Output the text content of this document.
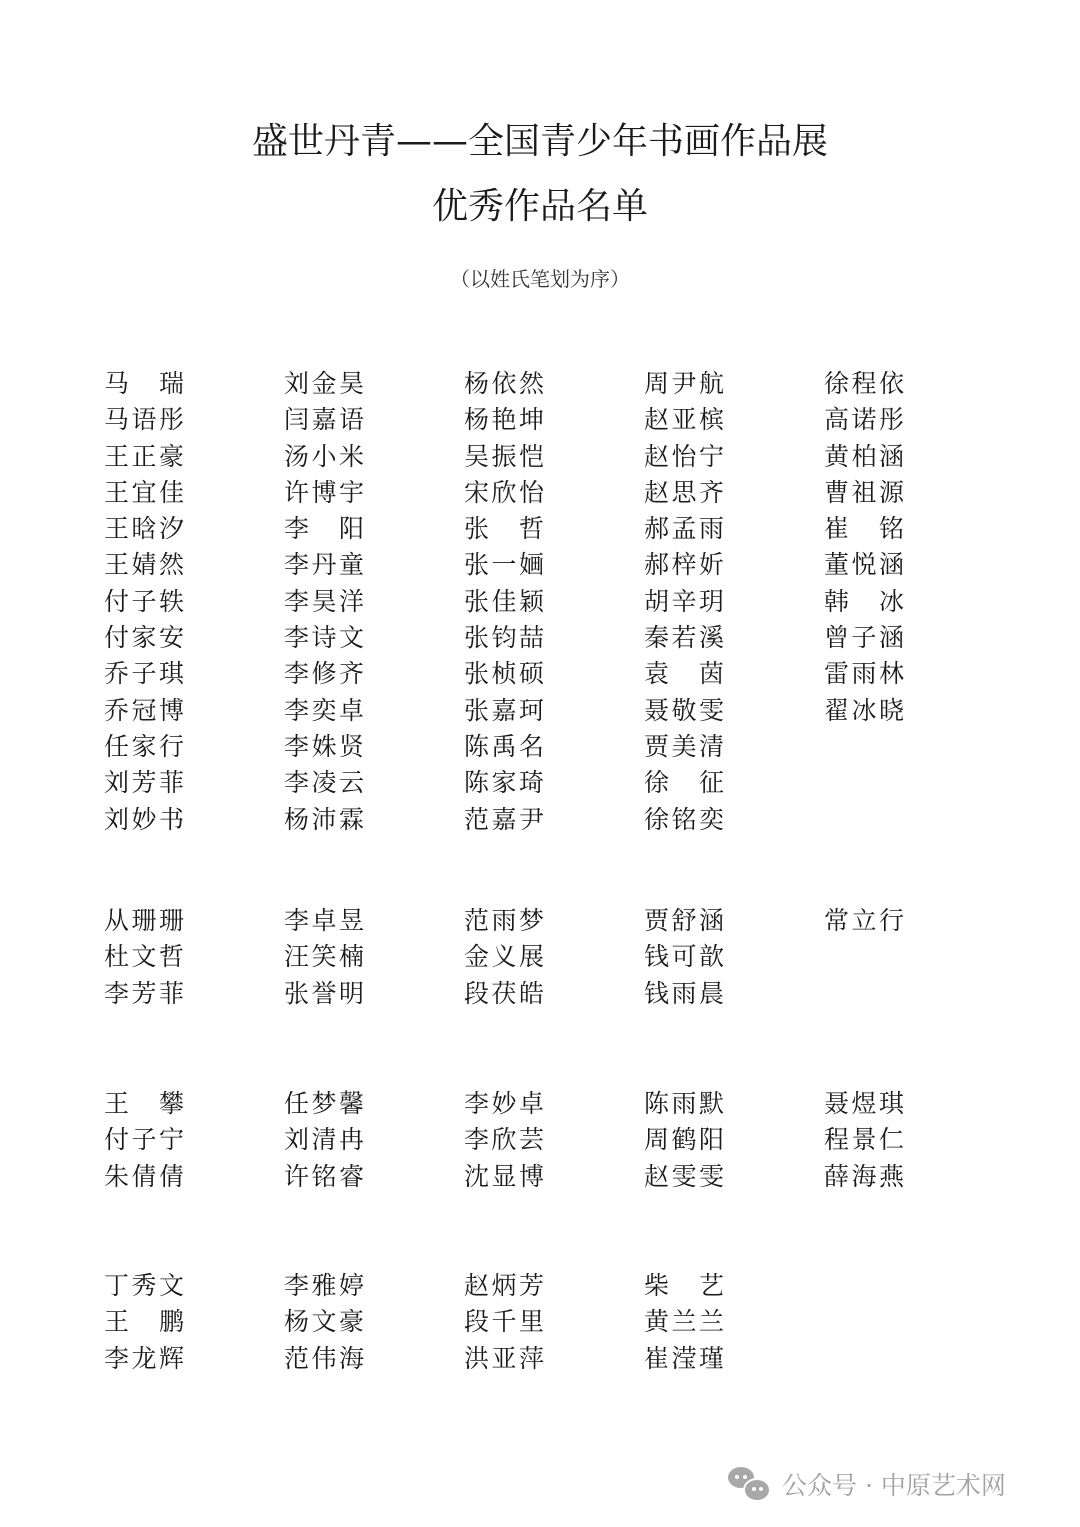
盛世丹青——全国青少年书画作品展
优秀作品名单
（以姓氏笔划为序）
马 瑞
马 语 彤
王 正 豪
王 宜 佳
王 晗 汐
王 婧 然
付 子 轶
付 家 安
乔 子 琪
乔 冠 博
任 家 行
刘 芳 菲
刘 妙 书
刘 金 昊
闫 嘉 语
汤 小 米
许 博 宇
李 阳
李 丹 童
李 昊 洋
李 诗 文
李 修 齐
李 奕 卓
李 姝 贤
李 凌 云
杨 沛 霖
杨 依 然
杨 艳 坤
吴 振 恺
宋 欣 怡
张 哲
张 一 婳
张 佳 颖
张 钧 喆
张 桢 硕
张 嘉 珂
陈 禹 名
陈 家 琦
范 嘉 尹
周 尹 航
赵 亚 槟
赵 怡 宁
赵 思 齐
郝 孟 雨
郝 梓 妡
胡 辛 玥
秦 若 溪
袁 茵
聂 敬 雯
贾 美 清
徐 征
徐 铭 奕
徐 程 依
高 诺 彤
黄 柏 涵
曹 祖 源
崔 铭
董 悦 涵
韩 冰
曾 子 涵
雷 雨 林
翟 冰 晓
从 珊 珊
杜 文 哲
李 芳 菲
李 卓 昱
汪 笑 楠
张 誉 明
范 雨 梦
金 义 展
段 茯 皓
贾 舒 涵
钱 可 歆
钱 雨 晨
常 立 行
王 攀
付 子 宁
朱 倩 倩
任 梦 馨
刘 清 冉
许 铭 睿
李 妙 卓
李 欣 芸
沈 显 博
陈 雨 默
周 鹤 阳
赵 雯 雯
聂 煜 琪
程 景 仁
薛 海 燕
丁 秀 文
王 鹏
李 龙 辉
李 雅 婷
杨 文 豪
范 伟 海
赵 炳 芳
段 千 里
洪 亚 萍
柴 艺
黄 兰 兰
崔 滢 瑾
公众号 · 中原艺术网
